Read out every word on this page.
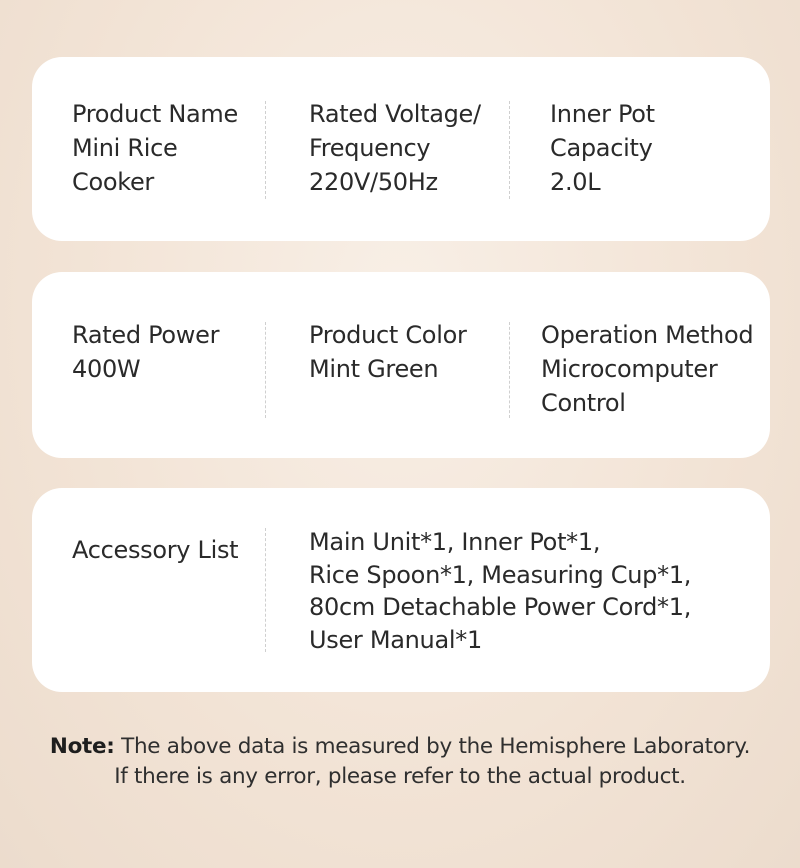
Product Name
Mini Rice
Cooker
Rated Voltage/
Frequency
220V/50Hz
Inner Pot
Capacity
2.0L
Rated Power
400W
Product Color
Mint Green
Operation Method
Microcomputer
Control
Accessory List	Main Unit*1, Inner Pot*1,
Rice Spoon*1, Measuring Cup*1,
80cm Detachable Power Cord*1,
User Manual*1
Note: The above data is measured by the Hemisphere Laboratory.
If there is any error, please refer to the actual product.
